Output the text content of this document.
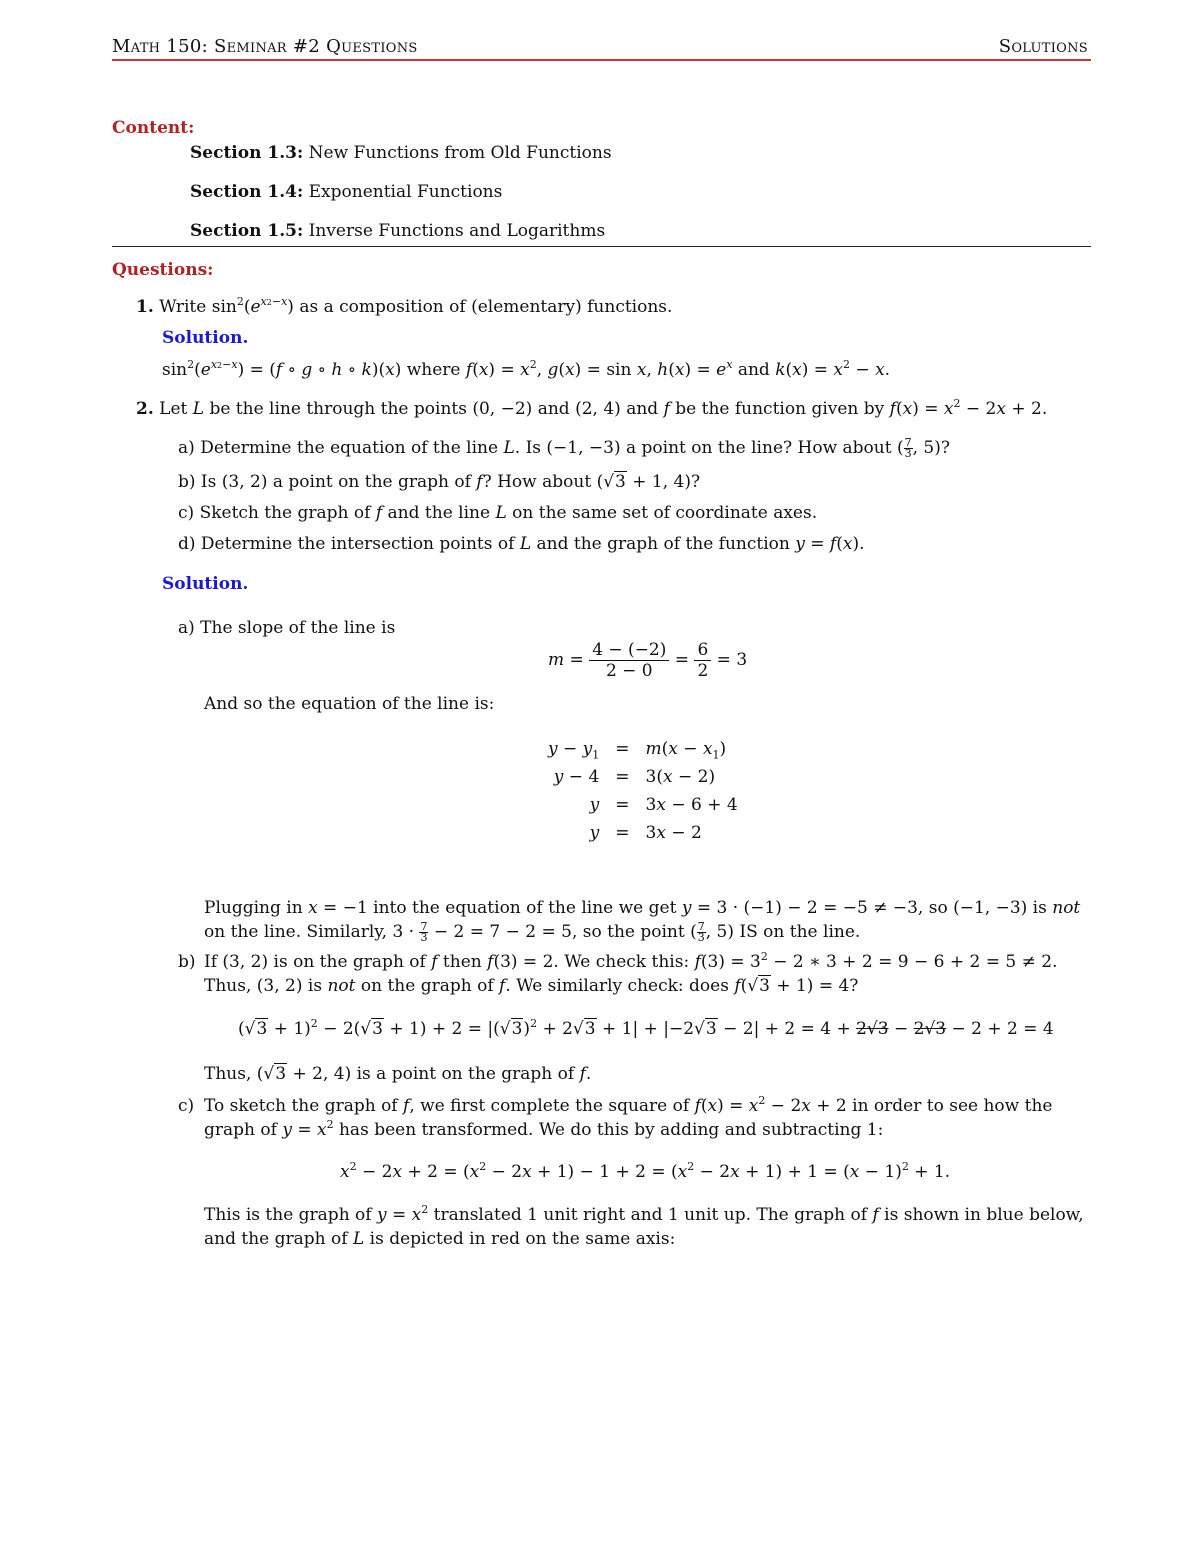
Math 150: Seminar #2 Questions	Solutions
Content:
Section 1.3: New Functions from Old Functions
Section 1.4: Exponential Functions
Section 1.5: Inverse Functions and Logarithms
Questions:
1. Write $\sin^2(e^{x2-x})$ as a composition of (elementary) functions.
Solution.
$\sin^2(e^{x2-x}) = (f$ ∘ g ∘ h ∘ k)(x) where $f(x) = x^2$, g(x) = sin x, $h(x) = e^x$ and $k(x) = x^2 - x$.
2. Let L be the line through the points (0, −2) and (2, 4) and f be the function given by $f(x) = x^2 - 2x + 2$.
a) Determine the equation of the line L. Is (−1, −3) a point on the line? How about ( $\frac{7}{3}$ , 5)?
b) Is (3, 2) a point on the graph of f? How about (√3 + 1, 4)?
c) Sketch the graph of f and the line L on the same set of coordinate axes.
d) Determine the intersection points of L and the graph of the function y = f(x).
Solution.
a) The slope of the line is
$m = \frac{4 - (-2)}{2 - 0} = \frac{6}{2} = 3$
And so the equation of the line is:
$y - y_1$	=	$m(x - x_1)$
y − 4	=	3(x − 2)
y	=	3x − 6 + 4
y	=	3x − 2
Plugging in x = −1 into the equation of the line we get y = 3 · (−1) − 2 = −5 ≠ −3, so (−1, −3) is not on the line. Similarly, $3 \cdot \frac{7}{3} - 2 = 7 - 2 = 5$, so the point ( $\frac{7}{3}$ , 5) IS on the line.
b) If (3, 2) is on the graph of f then f(3) = 2. We check this: $f(3) = 3^2 - 2$ ∗ 3 + 2 = 9 − 6 + 2 = 5 ≠ 2. Thus, (3, 2) is not on the graph of f. We similarly check: does f(√3 + 1) = 4?
$(√3 + 1)^2 - 2(√3 + 1) + 2 = |(√3)^2 + 2√3 + 1| + |-2√3 - 2| + 2 = 4 + 2√3 - 2√3 - 2 + 2 = 4$
Thus, (√3 + 2, 4) is a point on the graph of f.
c) To sketch the graph of f, we first complete the square of $f(x) = x^2 - 2x + 2$ in order to see how the graph of $y = x^2$ has been transformed. We do this by adding and subtracting 1:
$x^2 - 2x + 2 = (x^2 - 2x + 1) - 1 + 2 = (x^2 - 2x + 1) + 1 = (x - 1)^2 + 1$.
This is the graph of $y = x^2$ translated 1 unit right and 1 unit up. The graph of f is shown in blue below, and the graph of L is depicted in red on the same axis:
